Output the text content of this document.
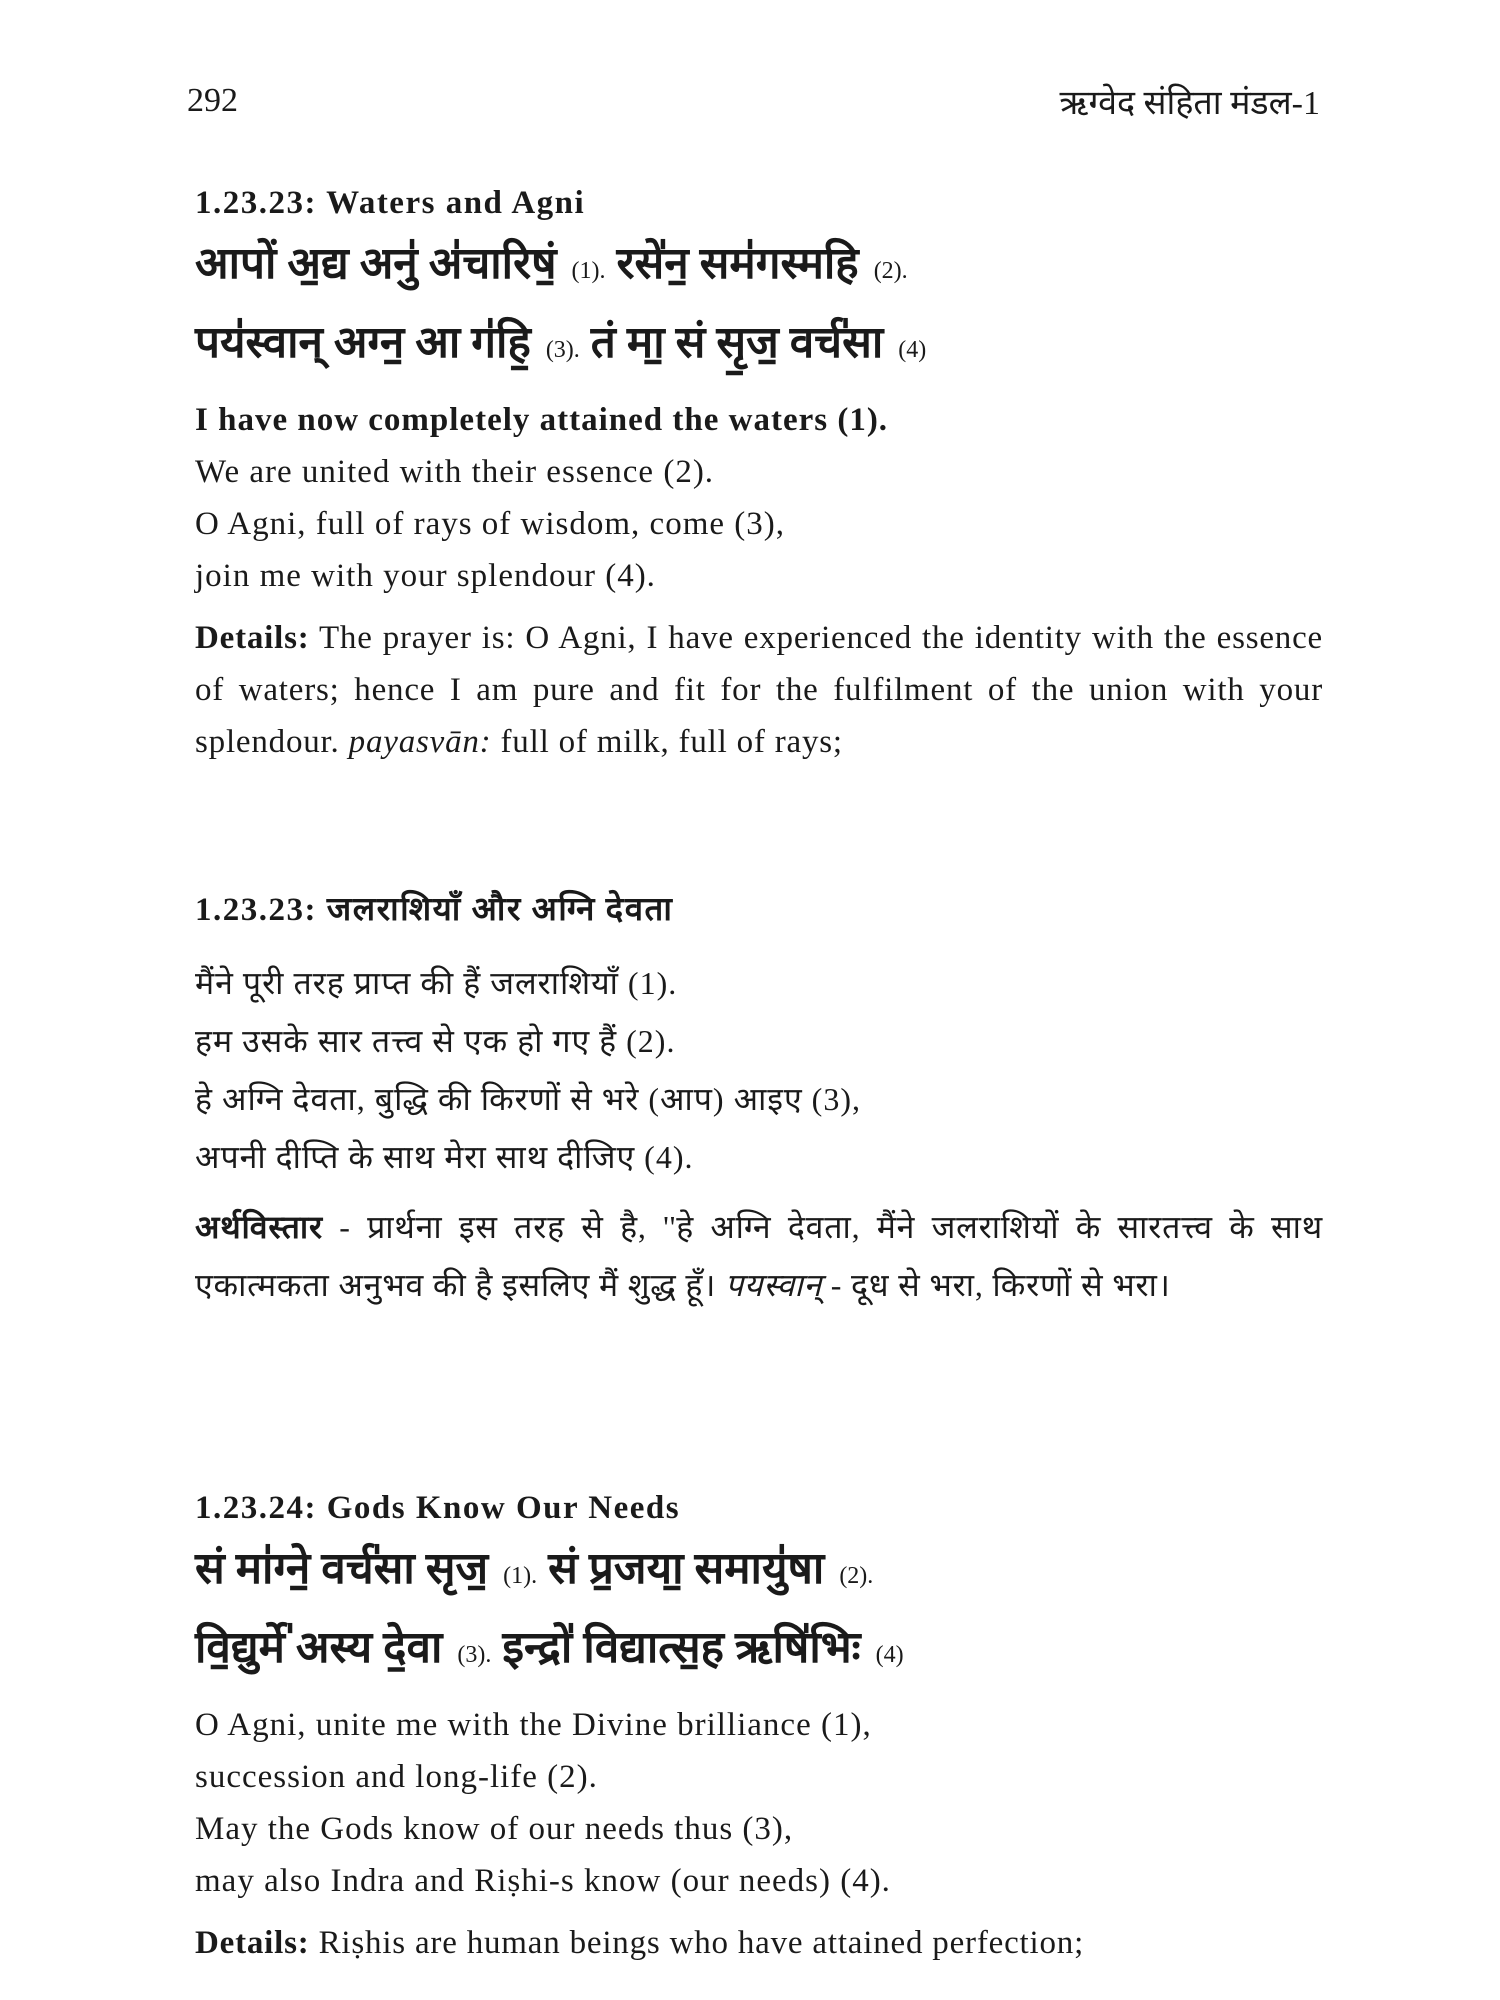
292	ऋग्वेद संहिता मंडल-1

1.23.23: Waters and Agni

आपों अ॒द्य अनु॑ अ॑चारिषं॒ (1). रसे॑न॒ सम॑गस्महि (2).

पय॑स्वान् अग्न॒ आ ग॑हि॒ (3). तं मा॒ सं सृ॒ज॒ वर्च॑सा (4)

I have now completely attained the waters (1).

We are united with their essence (2).

O Agni, full of rays of wisdom, come (3),

join me with your splendour (4).

Details: The prayer is: O Agni, I have experienced the identity with the essence of waters; hence I am pure and fit for the fulfilment of the union with your splendour. payasvān: full of milk, full of rays;

1.23.23: जलराशियाँ और अग्नि देवता

मैंने पूरी तरह प्राप्त की हैं जलराशियाँ (1).

हम उसके सार तत्त्व से एक हो गए हैं (2).

हे अग्नि देवता, बुद्धि की किरणों से भरे (आप) आइए (3),

अपनी दीप्ति के साथ मेरा साथ दीजिए (4).

अर्थविस्तार - प्रार्थना इस तरह से है, ''हे अग्नि देवता, मैंने जलराशियों के सारतत्त्व के साथ एकात्मकता अनुभव की है इसलिए मैं शुद्ध हूँ। पयस्वान् - दूध से भरा, किरणों से भरा।

1.23.24: Gods Know Our Needs

सं मा॑ग्ने॒ वर्च॑सा सृज॒ (1). सं प्र॒जया॒ समायु॑षा (2).

वि॒द्युर्मे॑ अस्य दे॒वा (3). इन्द्रो॑ विद्यात्स॒ह ऋषि॑भिः (4)

O Agni, unite me with the Divine brilliance (1),

succession and long-life (2).

May the Gods know of our needs thus (3),

may also Indra and Riṣhi-s know (our needs) (4).

Details: Riṣhis are human beings who have attained perfection;
